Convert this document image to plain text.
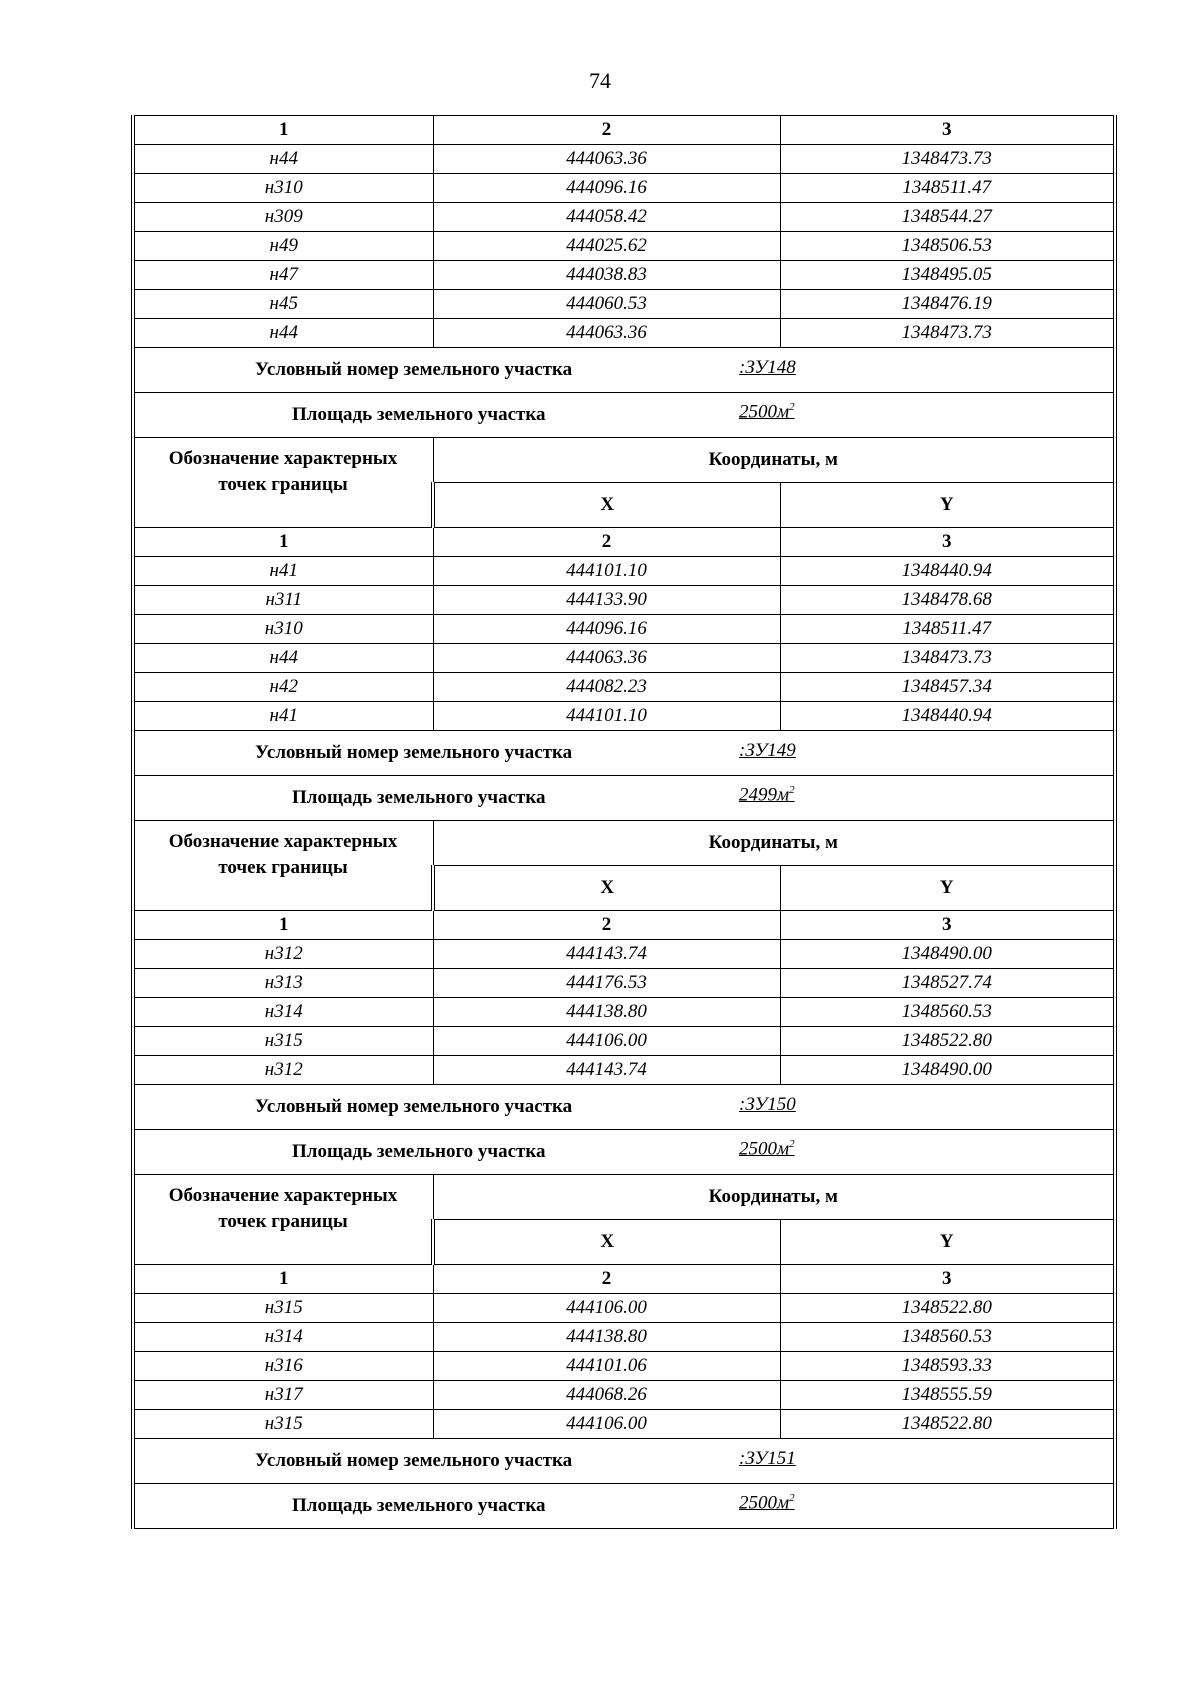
74
1	2	3
н44	444063.36	1348473.73
н310	444096.16	1348511.47
н309	444058.42	1348544.27
н49	444025.62	1348506.53
н47	444038.83	1348495.05
н45	444060.53	1348476.19
н44	444063.36	1348473.73
Условный номер земельного участка :ЗУ148		

Площадь земельного участка $2500м^2$

Обозначение характерных точек границы	Координаты, м	
	X	Y
1	2	3
н41	444101.10	1348440.94
н311	444133.90	1348478.68
н310	444096.16	1348511.47
н44	444063.36	1348473.73
н42	444082.23	1348457.34
н41	444101.10	1348440.94
Условный номер земельного участка :ЗУ149		

Площадь земельного участка $2499м^2$

Обозначение характерных точек границы	Координаты, м	
	X	Y
1	2	3
н312	444143.74	1348490.00
н313	444176.53	1348527.74
н314	444138.80	1348560.53
н315	444106.00	1348522.80
н312	444143.74	1348490.00
Условный номер земельного участка :ЗУ150		

Площадь земельного участка $2500м^2$

Обозначение характерных точек границы	Координаты, м	
	X	Y
1	2	3
н315	444106.00	1348522.80
н314	444138.80	1348560.53
н316	444101.06	1348593.33
н317	444068.26	1348555.59
н315	444106.00	1348522.80
Условный номер земельного участка :ЗУ151		

Площадь земельного участка $2500м^2$
